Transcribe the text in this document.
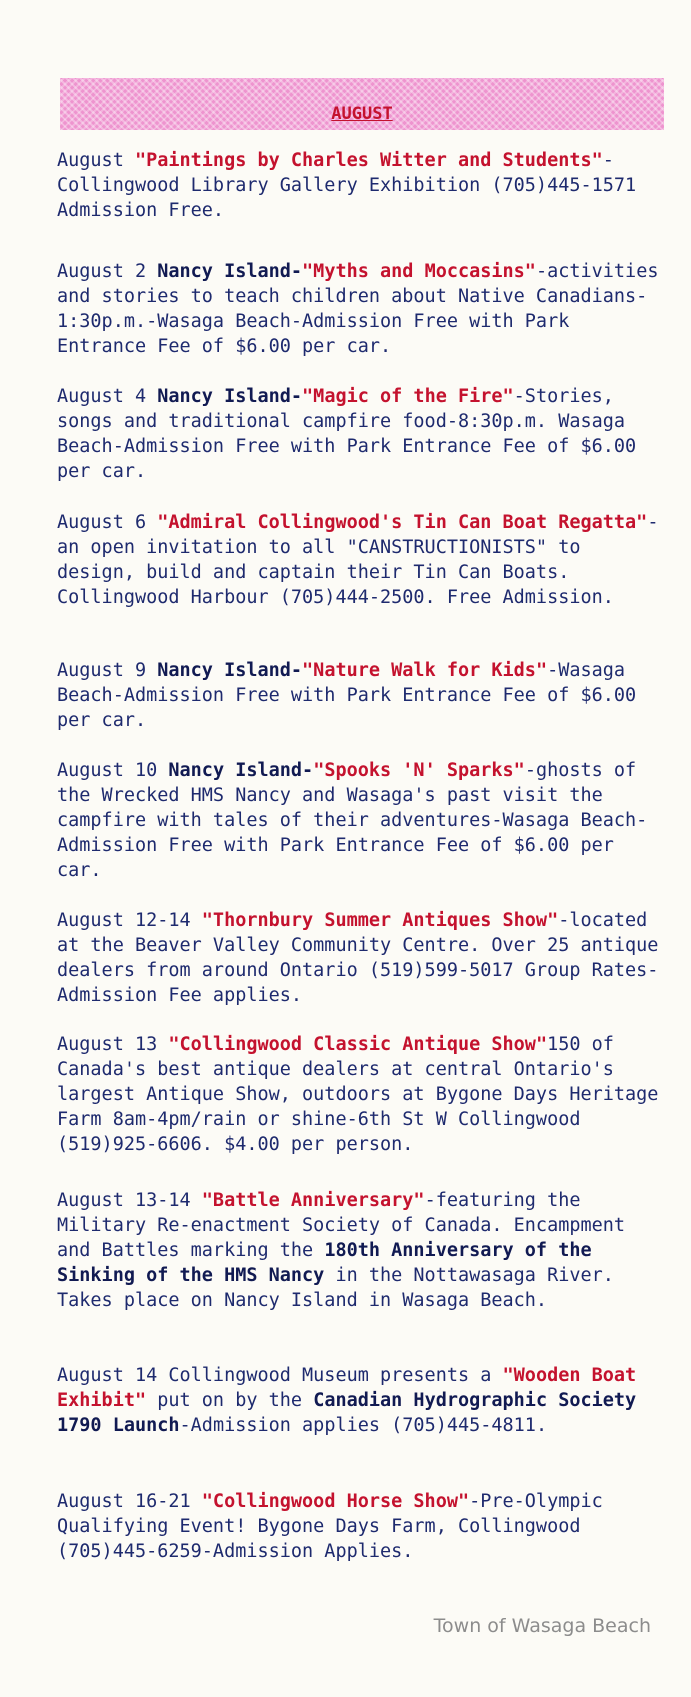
AUGUST

August "Paintings by Charles Witter and Students"-Collingwood Library Gallery Exhibition (705)445-1571 Admission Free.

August 2 Nancy Island-"Myths and Moccasins"-activities and stories to teach children about Native Canadians-1:30p.m.-Wasaga Beach-Admission Free with Park Entrance Fee of $6.00 per car.

August 4 Nancy Island-"Magic of the Fire"-Stories, songs and traditional campfire food-8:30p.m. Wasaga Beach-Admission Free with Park Entrance Fee of $6.00 per car.

August 6 "Admiral Collingwood's Tin Can Boat Regatta"-an open invitation to all "CANSTRUCTIONISTS" to design, build and captain their Tin Can Boats. Collingwood Harbour (705)444-2500. Free Admission.

August 9 Nancy Island-"Nature Walk for Kids"-Wasaga Beach-Admission Free with Park Entrance Fee of $6.00 per car.

August 10 Nancy Island-"Spooks 'N' Sparks"-ghosts of the Wrecked HMS Nancy and Wasaga's past visit the campfire with tales of their adventures-Wasaga Beach-Admission Free with Park Entrance Fee of $6.00 per car.

August 12-14 "Thornbury Summer Antiques Show"-located at the Beaver Valley Community Centre. Over 25 antique dealers from around Ontario (519)599-5017 Group Rates-Admission Fee applies.

August 13 "Collingwood Classic Antique Show"150 of Canada's best antique dealers at central Ontario's largest Antique Show, outdoors at Bygone Days Heritage Farm 8am-4pm/rain or shine-6th St W Collingwood (519)925-6606. $4.00 per person.

August 13-14 "Battle Anniversary"-featuring the Military Re-enactment Society of Canada. Encampment and Battles marking the 180th Anniversary of the Sinking of the HMS Nancy in the Nottawasaga River. Takes place on Nancy Island in Wasaga Beach.

August 14 Collingwood Museum presents a "Wooden Boat Exhibit" put on by the Canadian Hydrographic Society 1790 Launch-Admission applies (705)445-4811.

August 16-21 "Collingwood Horse Show"-Pre-Olympic Qualifying Event! Bygone Days Farm, Collingwood (705)445-6259-Admission Applies.

Town of Wasaga Beach
